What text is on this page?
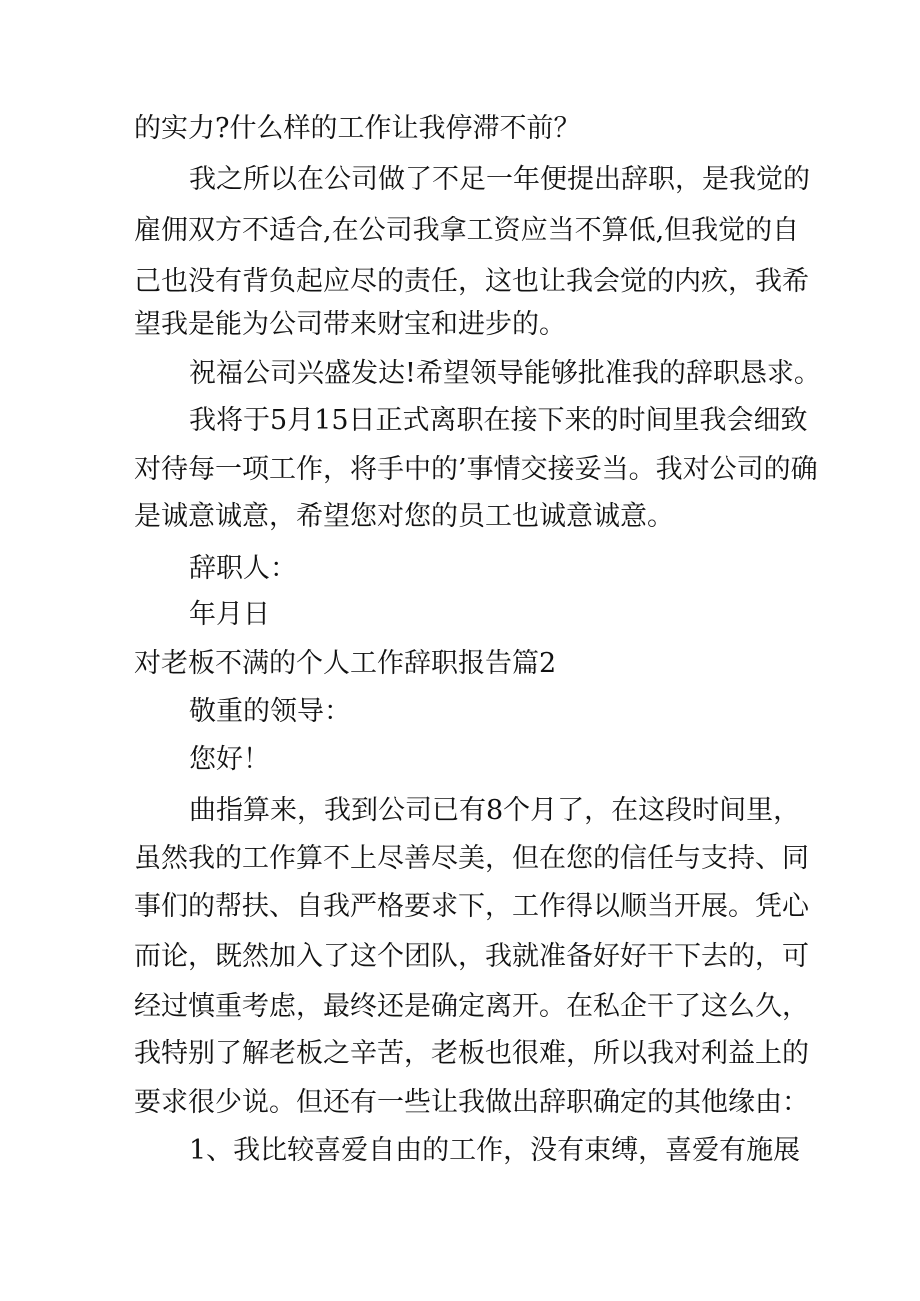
的实力?什么样的工作让我停滞不前？
我之所以在公司做了不足一年便提出辞职，是我觉的
雇佣双方不适合,在公司我拿工资应当不算低,但我觉的自
己也没有背负起应尽的责任，这也让我会觉的内疚，我希
望我是能为公司带来财宝和进步的。
祝福公司兴盛发达!希望领导能够批准我的辞职恳求。
我将于5月15日正式离职在接下来的时间里我会细致
对待每一项工作，将手中的’事情交接妥当。我对公司的确
是诚意诚意，希望您对您的员工也诚意诚意。
辞职人：
年月日
对老板不满的个人工作辞职报告篇2
敬重的领导：
您好！
曲指算来，我到公司已有8个月了，在这段时间里，
虽然我的工作算不上尽善尽美，但在您的信任与支持、同
事们的帮扶、自我严格要求下，工作得以顺当开展。凭心
而论，既然加入了这个团队，我就准备好好干下去的，可
经过慎重考虑，最终还是确定离开。在私企干了这么久，
我特别了解老板之辛苦，老板也很难，所以我对利益上的
要求很少说。但还有一些让我做出辞职确定的其他缘由：
1、我比较喜爱自由的工作，没有束缚，喜爱有施展
